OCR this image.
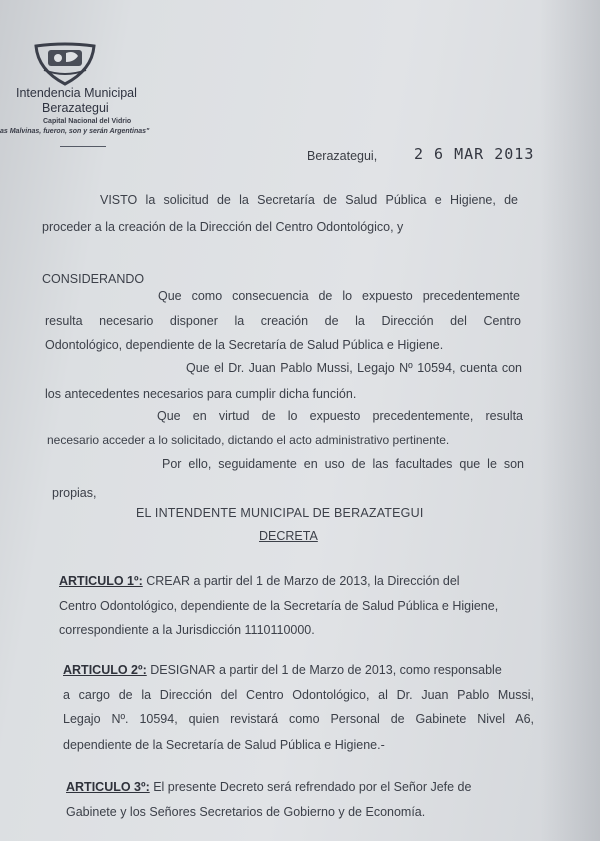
Intendencia Municipal
Berazategui
Capital Nacional del Vidrio
as Malvinas, fueron, son y serán Argentinas"
Berazategui, 2 6 MAR 2013
VISTO la solicitud de la Secretaría de Salud Pública e Higiene, de
proceder a la creación de la Dirección del Centro Odontológico, y
CONSIDERANDO
Que como consecuencia de lo expuesto precedentemente
resulta necesario disponer la creación de la Dirección del Centro
Odontológico, dependiente de la Secretaría de Salud Pública e Higiene.
Que el Dr. Juan Pablo Mussi, Legajo Nº 10594, cuenta con
los antecedentes necesarios para cumplir dicha función.
Que en virtud de lo expuesto precedentemente, resulta
necesario acceder a lo solicitado, dictando el acto administrativo pertinente.
Por ello, seguidamente en uso de las facultades que le son
propias,
EL INTENDENTE MUNICIPAL DE BERAZATEGUI
DECRETA
ARTICULO 1º: CREAR a partir del 1 de Marzo de 2013, la Dirección del
Centro Odontológico, dependiente de la Secretaría de Salud Pública e Higiene,
correspondiente a la Jurisdicción 1110110000.
ARTICULO 2º: DESIGNAR a partir del 1 de Marzo de 2013, como responsable
a cargo de la Dirección del Centro Odontológico, al Dr. Juan Pablo Mussi,
Legajo Nº. 10594, quien revistará como Personal de Gabinete Nivel A6,
dependiente de la Secretaría de Salud Pública e Higiene.-
ARTICULO 3º: El presente Decreto será refrendado por el Señor Jefe de
Gabinete y los Señores Secretarios de Gobierno y de Economía.
